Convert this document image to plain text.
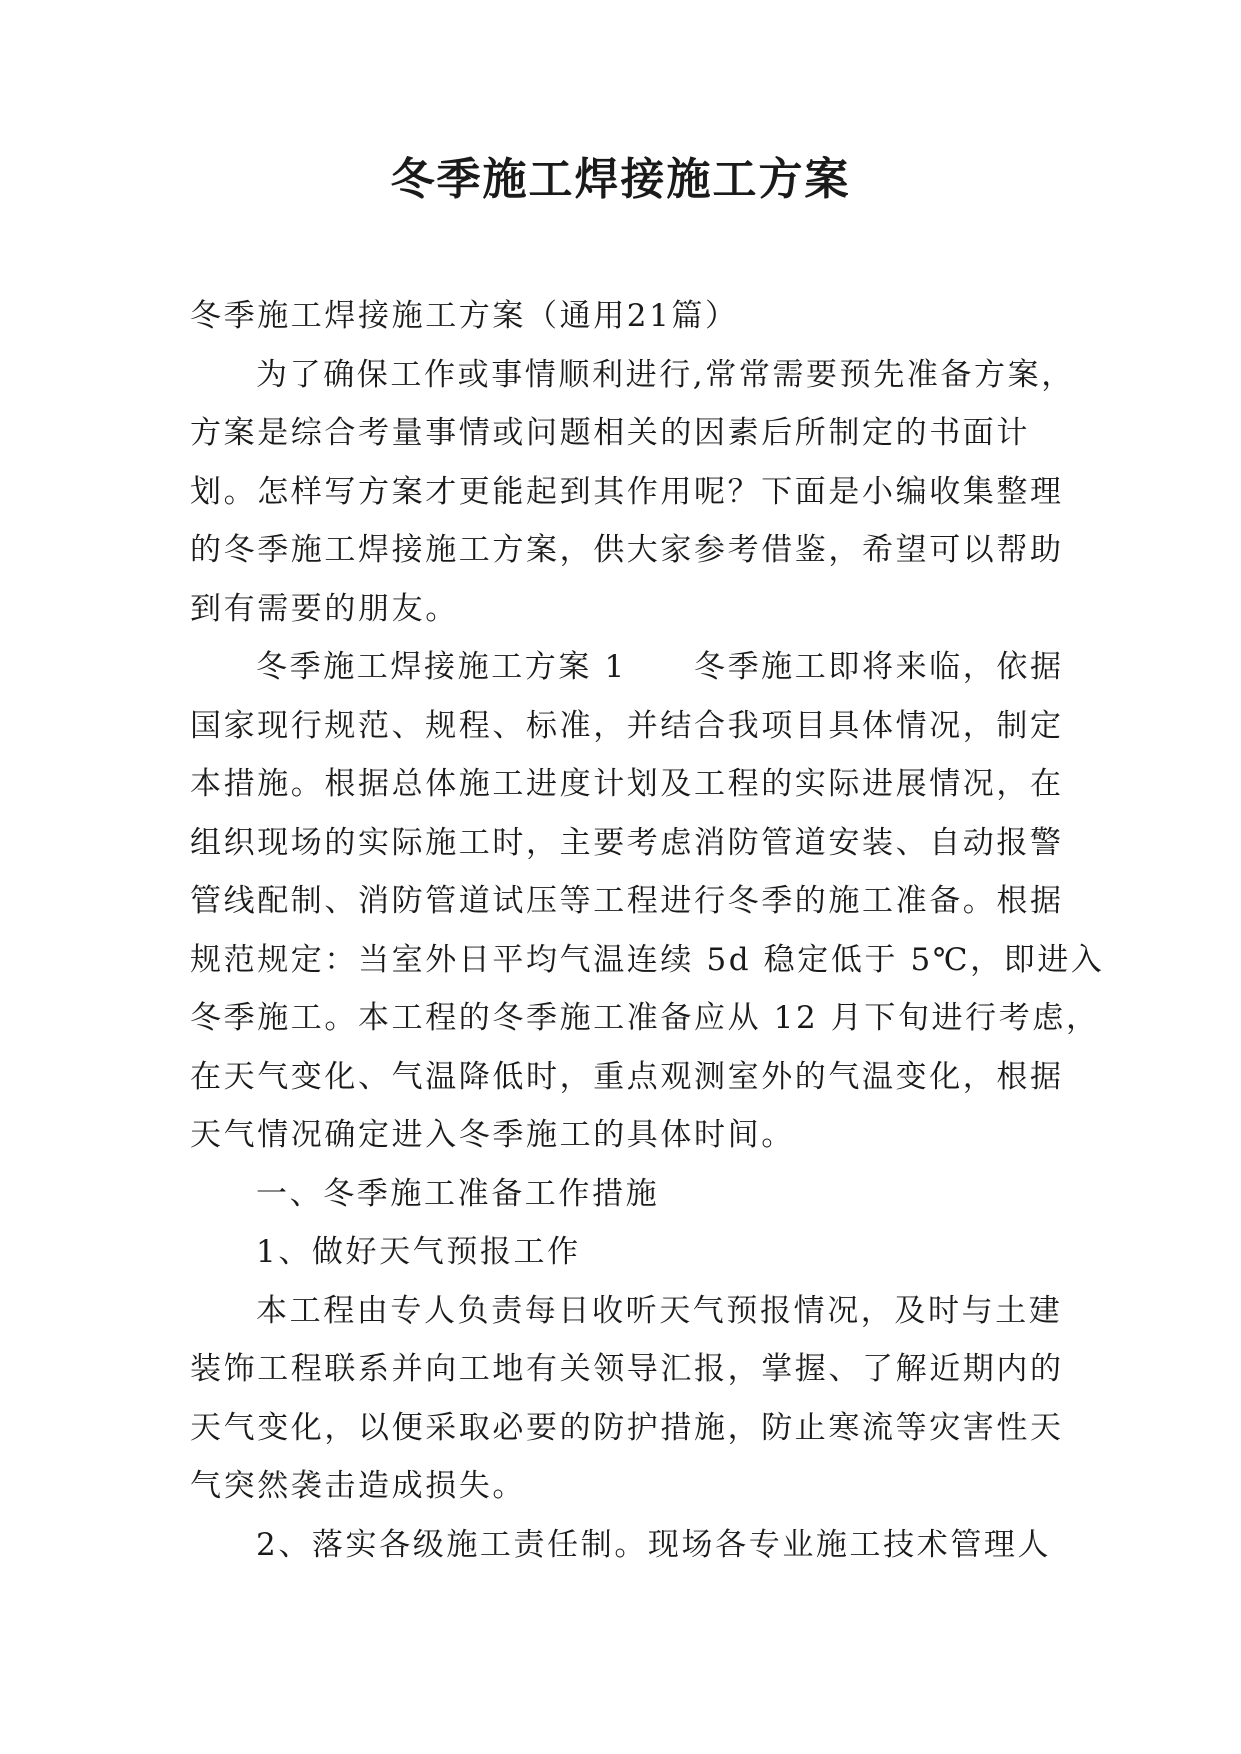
冬季施工焊接施工方案

冬季施工焊接施工方案（通用21篇）

为了确保工作或事情顺利进行,常常需要预先准备方案，

方案是综合考量事情或问题相关的因素后所制定的书面计

划。怎样写方案才更能起到其作用呢？下面是小编收集整理

的冬季施工焊接施工方案，供大家参考借鉴，希望可以帮助

到有需要的朋友。

冬季施工焊接施工方案 1　　冬季施工即将来临，依据

国家现行规范、规程、标准，并结合我项目具体情况，制定

本措施。根据总体施工进度计划及工程的实际进展情况，在

组织现场的实际施工时，主要考虑消防管道安装、自动报警

管线配制、消防管道试压等工程进行冬季的施工准备。根据

规范规定：当室外日平均气温连续 5d 稳定低于 5℃，即进入

冬季施工。本工程的冬季施工准备应从 12 月下旬进行考虑，

在天气变化、气温降低时，重点观测室外的气温变化，根据

天气情况确定进入冬季施工的具体时间。

一、冬季施工准备工作措施

1、做好天气预报工作

本工程由专人负责每日收听天气预报情况，及时与土建

装饰工程联系并向工地有关领导汇报，掌握、了解近期内的

天气变化，以便采取必要的防护措施，防止寒流等灾害性天

气突然袭击造成损失。

2、落实各级施工责任制。现场各专业施工技术管理人
